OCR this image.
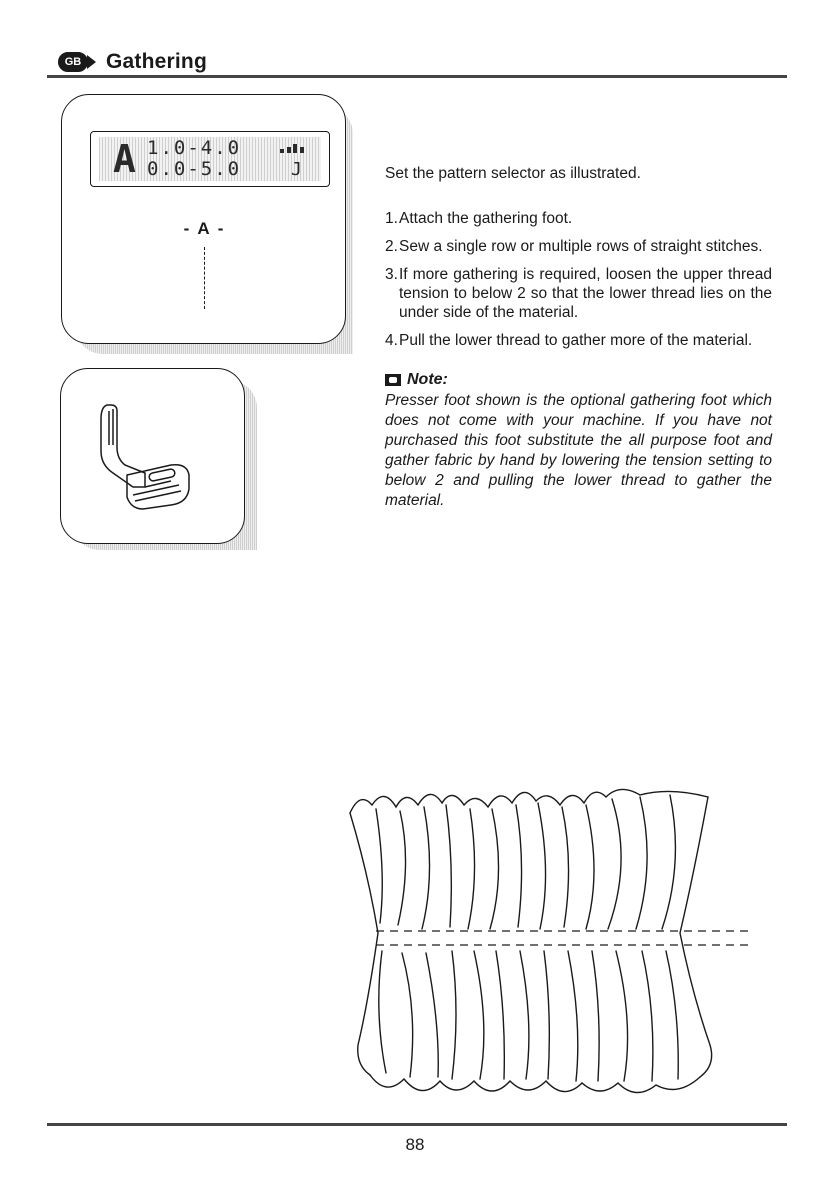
GB Gathering
A 1.0-4.0
0.0-5.0	J
- A -
Set the pattern selector as illustrated.
1. Attach the gathering foot.
2. Sew a single row or multiple rows of straight stitches.
3. If more gathering is required, loosen the upper thread tension to below 2 so that the lower thread lies on the under side of the material.
4. Pull the lower thread to gather more of the material.
Note:
Presser foot shown is the optional gathering foot which does not come with your machine. If you have not purchased this foot substitute the all purpose foot and gather fabric by hand by lowering the tension setting to below 2 and pulling the lower thread to gather the material.
88
